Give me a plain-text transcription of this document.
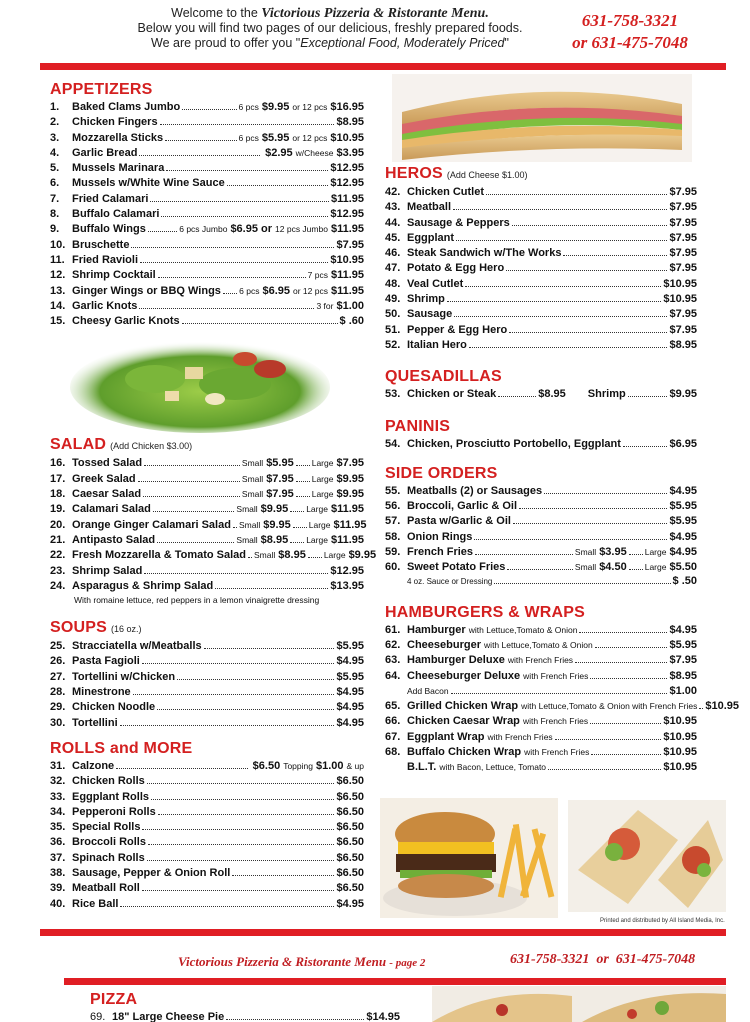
Welcome to the Victorious Pizzeria & Ristorante Menu.
Below you will find two pages of our delicious, freshly prepared foods.
We are proud to offer you "Exceptional Food, Moderately Priced"
631-758-3321
or 631-475-7048
APPETIZERS
1.	Baked Clams Jumbo	6 pcs $9.95 or 12 pcs $16.95
2.	Chicken Fingers	$8.95
3.	Mozzarella Sticks	6 pcs $5.95 or 12 pcs $10.95
4.	Garlic Bread	$2.95 w/Cheese $3.95
5.	Mussels Marinara	$12.95
6.	Mussels w/White Wine Sauce	$12.95
7.	Fried Calamari	$11.95
8.	Buffalo Calamari	$12.95
9.	Buffalo Wings	6 pcs Jumbo $6.95 or 12 pcs Jumbo $11.95
10. Bruschette	$7.95
11. Fried Ravioli	$10.95
12. Shrimp Cocktail	7 pcs $11.95
13. Ginger Wings or BBQ Wings 6 pcs $6.95 or 12 pcs $11.95
14. Garlic Knots	3 for $1.00
15. Cheesy Garlic Knots	$ .60
SALAD (Add Chicken $3.00)
16. Tossed Salad	Small $5.95 Large $7.95
17. Greek Salad	Small $7.95 Large $9.95
18. Caesar Salad	Small $7.95 Large $9.95
19. Calamari Salad	Small $9.95 Large $11.95
20. Orange Ginger Calamari Salad Small $9.95 Large $11.95
21. Antipasto Salad	Small $8.95 Large $11.95
22. Fresh Mozzarella & Tomato Salad Small $8.95 Large $9.95
23. Shrimp Salad	$12.95
24. Asparagus & Shrimp Salad	$13.95
With romaine lettuce, red peppers in a lemon vinaigrette dressing
SOUPS (16 oz.)
25. Stracciatella w/Meatballs	$5.95
26. Pasta Fagioli	$4.95
27. Tortellini w/Chicken	$5.95
28. Minestrone	$4.95
29. Chicken Noodle	$4.95
30. Tortellini	$4.95
ROLLS and MORE
31. Calzone	$6.50 Topping $1.00 & up
32. Chicken Rolls	$6.50
33. Eggplant Rolls	$6.50
34. Pepperoni Rolls	$6.50
35. Special Rolls	$6.50
36. Broccoli Rolls	$6.50
37. Spinach Rolls	$6.50
38. Sausage, Pepper & Onion Roll	$6.50
39. Meatball Roll	$6.50
40. Rice Ball	$4.95
HEROS (Add Cheese $1.00)
42. Chicken Cutlet	$7.95
43. Meatball	$7.95
44. Sausage & Peppers	$7.95
45. Eggplant	$7.95
46. Steak Sandwich w/The Works	$7.95
47. Potato & Egg Hero	$7.95
48. Veal Cutlet	$10.95
49. Shrimp	$10.95
50. Sausage	$7.95
51. Pepper & Egg Hero	$7.95
52. Italian Hero	$8.95
QUESADILLAS
53. Chicken or Steak	$8.95 Shrimp	$9.95
PANINIS
54. Chicken, Prosciutto Portobello, Eggplant	$6.95
SIDE ORDERS
55. Meatballs (2) or Sausages	$4.95
56. Broccoli, Garlic & Oil	$5.95
57. Pasta w/Garlic & Oil	$5.95
58. Onion Rings	$4.95
59. French Fries	Small $3.95 Large $4.95
60. Sweet Potato Fries	Small $4.50 Large $5.50
4 oz. Sauce or Dressing	$ .50
HAMBURGERS & WRAPS
61. Hamburger with Lettuce,Tomato & Onion	$4.95
62. Cheeseburger with Lettuce,Tomato & Onion	$5.95
63. Hamburger Deluxe with French Fries	$7.95
64. Cheeseburger Deluxe with French Fries	$8.95
Add Bacon	$1.00
65. Grilled Chicken Wrap with Lettuce,Tomato & Onion with French Fries $10.95
66. Chicken Caesar Wrap with French Fries	$10.95
67. Eggplant Wrap with French Fries	$10.95
68. Buffalo Chicken Wrap with French Fries	$10.95
B.L.T. with Bacon, Lettuce, Tomato	$10.95
Printed and distributed by All Island Media, Inc.
Victorious Pizzeria & Ristorante Menu - page 2	631-758-3321 or 631-475-7048
PIZZA
69. 18" Large Cheese Pie	$14.95
